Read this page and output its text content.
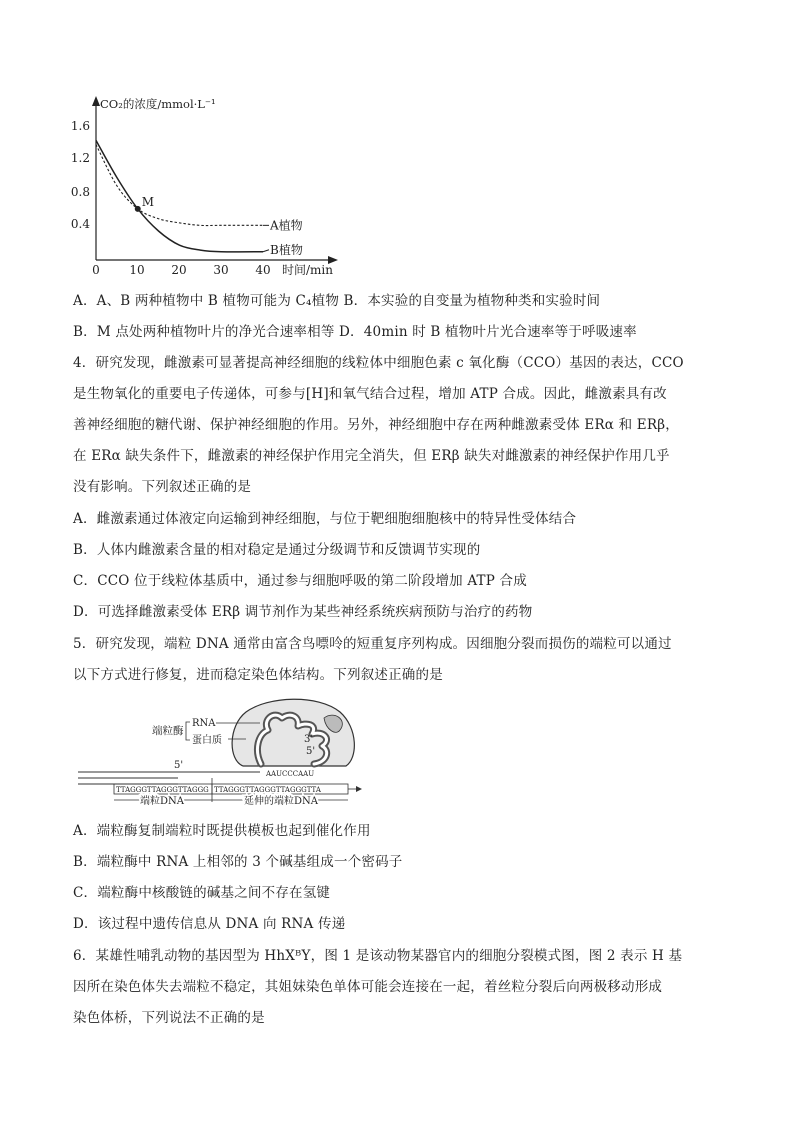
CO₂的浓度/mmol·L⁻¹
时间/min
1.6
1.2
0.8
0.4
0 10 20 30 40
M
A植物
B植物
A．A、B 两种植物中 B 植物可能为 C₄植物 B．本实验的自变量为植物种类和实验时间
B．M 点处两种植物叶片的净光合速率相等 D．40min 时 B 植物叶片光合速率等于呼吸速率
4．研究发现，雌激素可显著提高神经细胞的线粒体中细胞色素 c 氧化酶（CCO）基因的表达，CCO
是生物氧化的重要电子传递体，可参与[H]和氧气结合过程，增加 ATP 合成。因此，雌激素具有改
善神经细胞的糖代谢、保护神经细胞的作用。另外，神经细胞中存在两种雌激素受体 ERα 和 ERβ，
在 ERα 缺失条件下，雌激素的神经保护作用完全消失，但 ERβ 缺失对雌激素的神经保护作用几乎
没有影响。下列叙述正确的是
A．雌激素通过体液定向运输到神经细胞，与位于靶细胞细胞核中的特异性受体结合
B．人体内雌激素含量的相对稳定是通过分级调节和反馈调节实现的
C．CCO 位于线粒体基质中，通过参与细胞呼吸的第二阶段增加 ATP 合成
D．可选择雌激素受体 ERβ 调节剂作为某些神经系统疾病预防与治疗的药物
5．研究发现，端粒 DNA 通常由富含鸟嘌呤的短重复序列构成。因细胞分裂而损伤的端粒可以通过
以下方式进行修复，进而稳定染色体结构。下列叙述正确的是
端粒酶
RNA
蛋白质	3'
5'
5'
AAUCCCAAU
TTAGGGTTAGGGTTAGGG TTAGGGTTAGGGTTAGGGTTA
端粒DNA	延伸的端粒DNA
A．端粒酶复制端粒时既提供模板也起到催化作用
B．端粒酶中 RNA 上相邻的 3 个碱基组成一个密码子
C．端粒酶中核酸链的碱基之间不存在氢键
D．该过程中遗传信息从 DNA 向 RNA 传递
6．某雄性哺乳动物的基因型为 HhXᴮY，图 1 是该动物某器官内的细胞分裂模式图，图 2 表示 H 基
因所在染色体失去端粒不稳定，其姐妹染色单体可能会连接在一起，着丝粒分裂后向两极移动形成
染色体桥，下列说法不正确的是
